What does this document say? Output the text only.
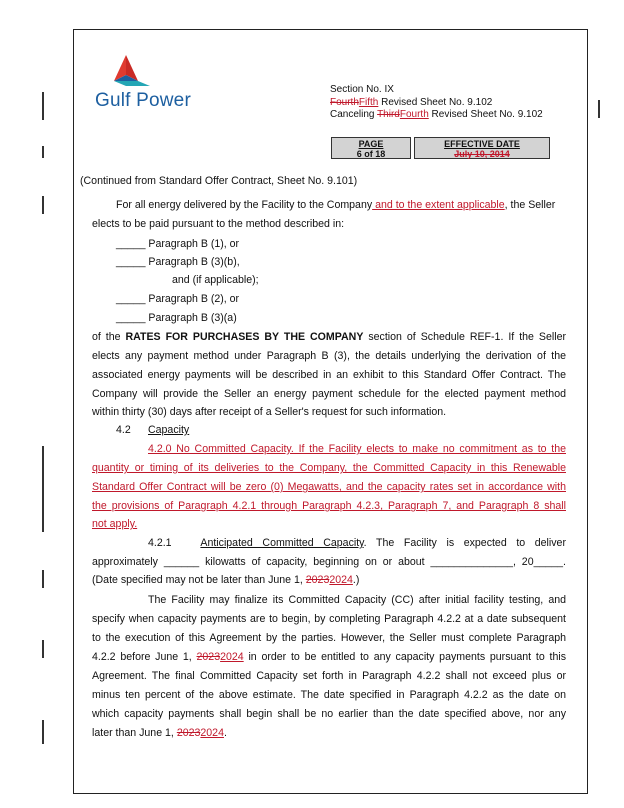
Gulf Power
Section No. IX
FourthFifth Revised Sheet No. 9.102
Canceling ThirdFourth Revised Sheet No. 9.102
PAGE
6 of 18
EFFECTIVE DATE
July 10, 2014
(Continued from Standard Offer Contract, Sheet No. 9.101)
For all energy delivered by the Facility to the Company and to the extent applicable, the Seller
elects to be paid pursuant to the method described in:
_____ Paragraph B (1), or
_____ Paragraph B (3)(b),
and (if applicable);
_____ Paragraph B (2), or
_____ Paragraph B (3)(a)
of the RATES FOR PURCHASES BY THE COMPANY section of Schedule REF-1. If the Seller
elects any payment method under Paragraph B (3), the details underlying the derivation of the
associated energy payments will be described in an exhibit to this Standard Offer Contract. The
Company will provide the Seller an energy payment schedule for the elected payment method
within thirty (30) days after receipt of a Seller's request for such information.
4.2 Capacity
4.2.0 No Committed Capacity. If the Facility elects to make no commitment as to the
quantity or timing of its deliveries to the Company, the Committed Capacity in this Renewable
Standard Offer Contract will be zero (0) Megawatts, and the capacity rates set in accordance with
the provisions of Paragraph 4.2.1 through Paragraph 4.2.3, Paragraph 7, and Paragraph 8 shall
not apply.
4.2.1	Anticipated Committed Capacity. The Facility is expected to deliver
approximately ______ kilowatts of capacity, beginning on or about ______________, 20_____.
(Date specified may not be later than June 1, 20232024.)
The Facility may finalize its Committed Capacity (CC) after initial facility testing, and
specify when capacity payments are to begin, by completing Paragraph 4.2.2 at a date subsequent
to the execution of this Agreement by the parties. However, the Seller must complete Paragraph
4.2.2 before June 1, 20232024 in order to be entitled to any capacity payments pursuant to this
Agreement. The final Committed Capacity set forth in Paragraph 4.2.2 shall not exceed plus or
minus ten percent of the above estimate. The date specified in Paragraph 4.2.2 as the date on
which capacity payments shall begin shall be no earlier than the date specified above, nor any
later than June 1, 20232024.
